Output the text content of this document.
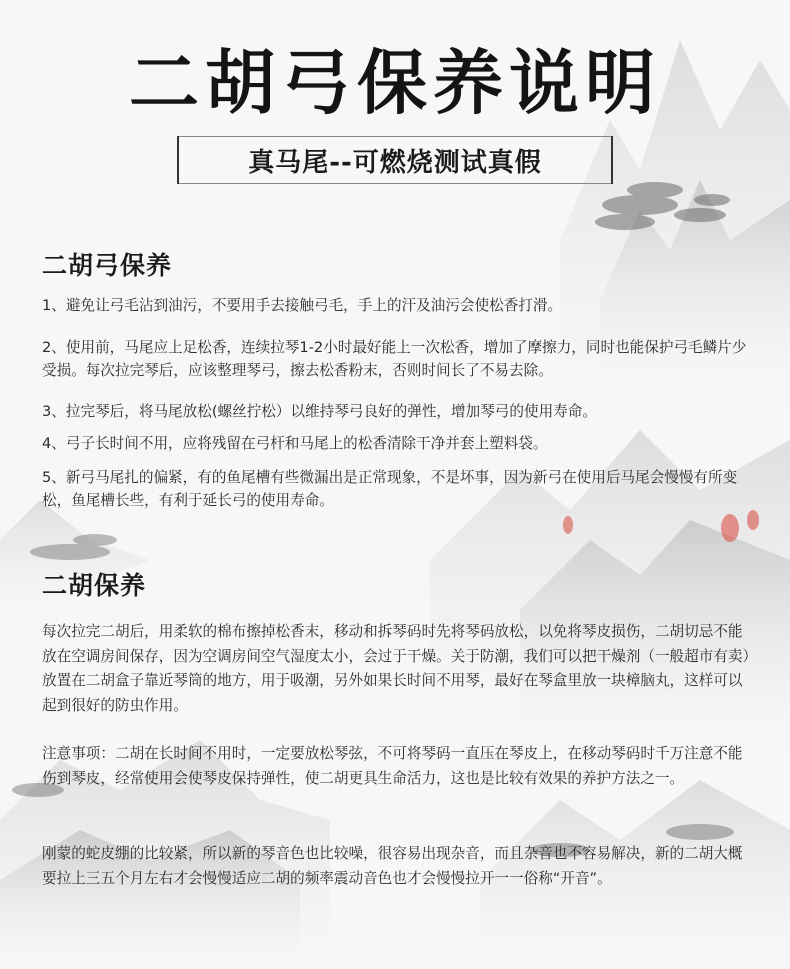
二胡弓保养说明
真马尾--可燃烧测试真假
二胡弓保养

1、避免让弓毛沾到油污，不要用手去接触弓毛，手上的汗及油污会使松香打滑。

2、使用前，马尾应上足松香，连续拉琴1-2小时最好能上一次松香，增加了摩擦力，同时也能保护弓毛鳞片少受损。每次拉完琴后，应该整理琴弓，擦去松香粉末，否则时间长了不易去除。

3、拉完琴后，将马尾放松(螺丝拧松）以维持琴弓良好的弹性，增加琴弓的使用寿命。

4、弓子长时间不用，应将残留在弓杆和马尾上的松香清除干净并套上塑料袋。

5、新弓马尾扎的偏紧，有的鱼尾槽有些微漏出是正常现象，不是坏事，因为新弓在使用后马尾会慢慢有所变松，鱼尾槽长些，有利于延长弓的使用寿命。

二胡保养

每次拉完二胡后，用柔软的棉布擦掉松香末，移动和拆琴码时先将琴码放松，以免将琴皮损伤，二胡切忌不能放在空调房间保存，因为空调房间空气湿度太小，会过于干燥。关于防潮，我们可以把干燥剂（一般超市有卖）放置在二胡盒子靠近琴筒的地方，用于吸潮，另外如果长时间不用琴，最好在琴盒里放一块樟脑丸，这样可以起到很好的防虫作用。

注意事项：二胡在长时间不用时，一定要放松琴弦，不可将琴码一直压在琴皮上，在移动琴码时千万注意不能伤到琴皮，经常使用会使琴皮保持弹性，使二胡更具生命活力，这也是比较有效果的养护方法之一。

刚蒙的蛇皮绷的比较紧，所以新的琴音色也比较噪，很容易出现杂音，而且杂音也不容易解决，新的二胡大概要拉上三五个月左右才会慢慢适应二胡的频率震动音色也才会慢慢拉开一一俗称“开音”。
